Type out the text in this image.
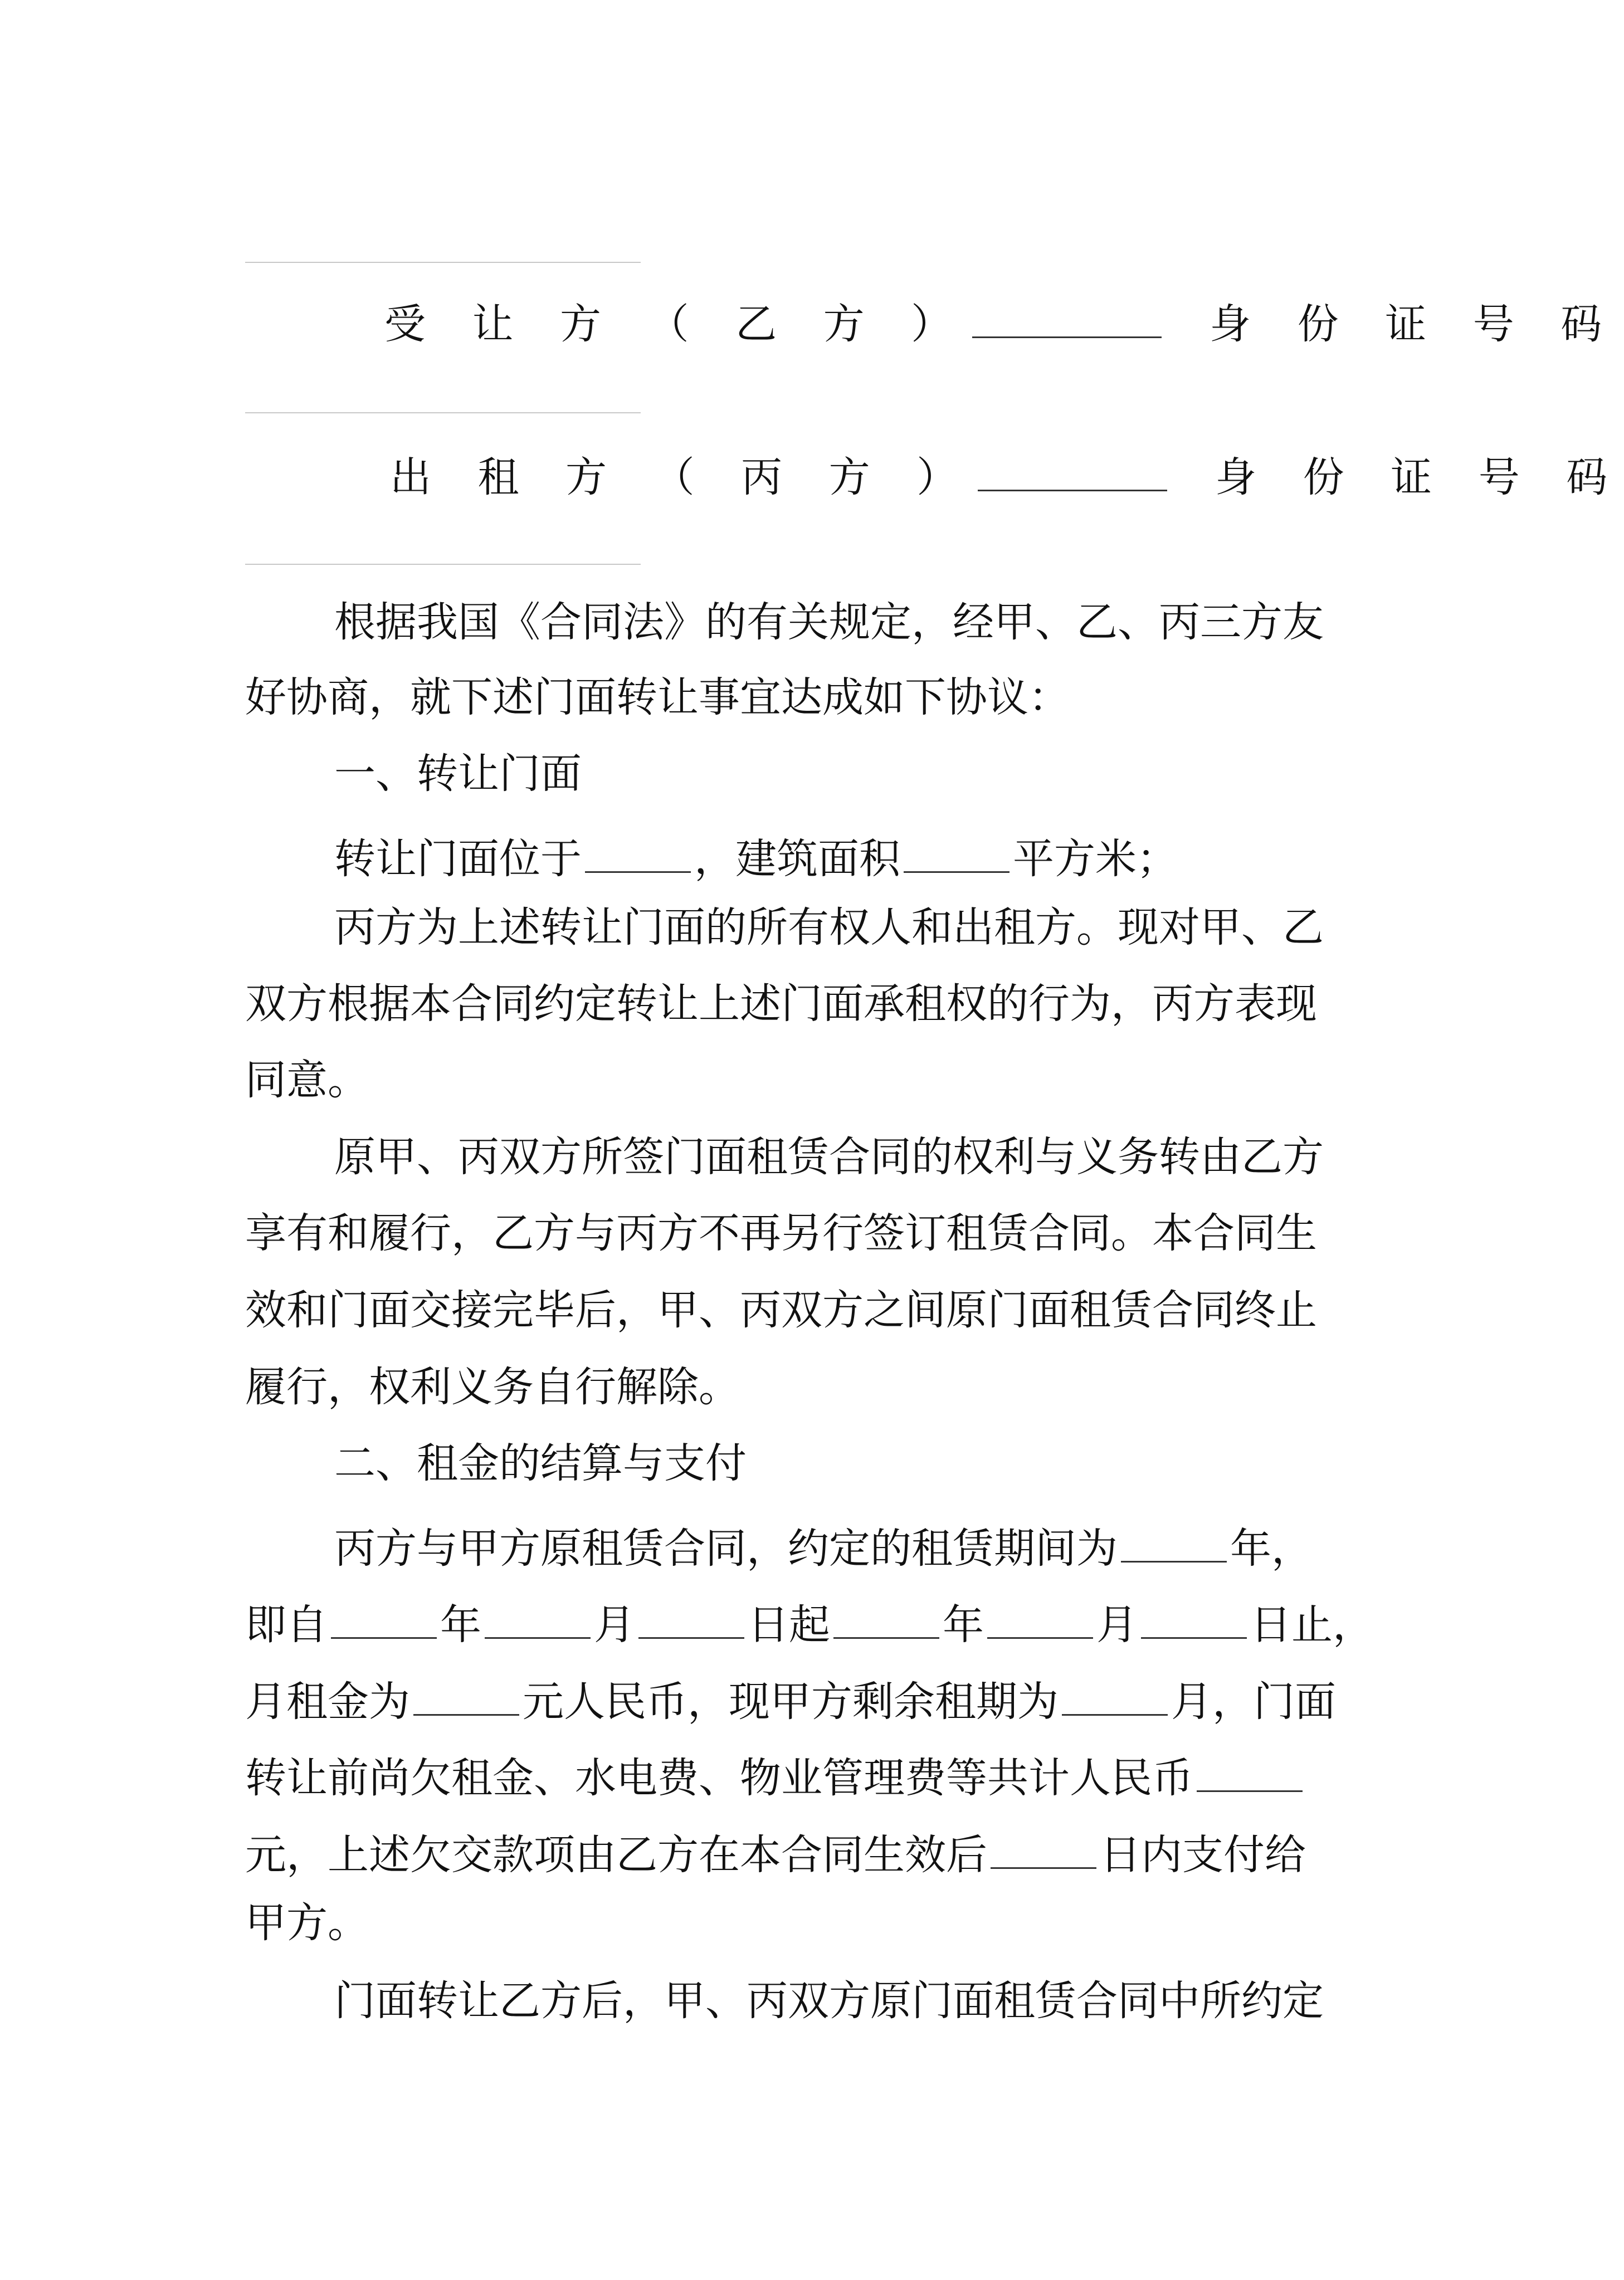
受 让 方 （ 乙 方 ）	身 份 证 号 码
出 租 方 （ 丙 方 ）	身 份 证 号 码
根据我国《合同法》的有关规定，经甲、乙、丙三方友
好协商，就下述门面转让事宜达成如下协议：
一、转让门面
转让门面位于	，建筑面积	平方米；
丙方为上述转让门面的所有权人和出租方。现对甲、乙
双方根据本合同约定转让上述门面承租权的行为，丙方表现
同意。
原甲、丙双方所签门面租赁合同的权利与义务转由乙方
享有和履行，乙方与丙方不再另行签订租赁合同。本合同生
效和门面交接完毕后，甲、丙双方之间原门面租赁合同终止
履行，权利义务自行解除。
二、租金的结算与支付
丙方与甲方原租赁合同，约定的租赁期间为	年，
即自	年	月	日起	年	月	日止，
月租金为	元人民币，现甲方剩余租期为	月，门面
转让前尚欠租金、水电费、物业管理费等共计人民币
元，上述欠交款项由乙方在本合同生效后	日内支付给
甲方。
门面转让乙方后，甲、丙双方原门面租赁合同中所约定
